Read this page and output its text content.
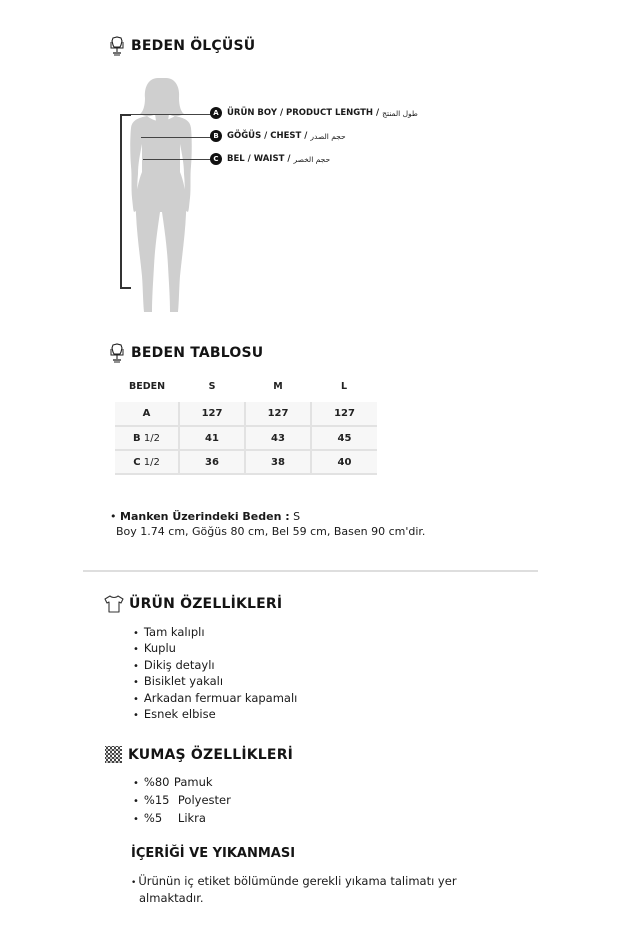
BEDEN ÖLÇÜSÜ
A ÜRÜN BOY / PRODUCT LENGTH / طول المنتج
B GÖĞÜS / CHEST / حجم الصدر
C BEL / WAIST / حجم الخصر
BEDEN TABLOSU
BEDEN	S	M	L

A	127	127	127
B 1/2	41	43	45
C 1/2	36	38	40
• Manken Üzerindeki Beden : S
Boy 1.74 cm, Göğüs 80 cm, Bel 59 cm, Basen 90 cm'dir.
ÜRÜN ÖZELLİKLERİ
• Tam kalıplı
• Kuplu
• Dikiş detaylı
• Bisiklet yakalı
• Arkadan fermuar kapamalı
• Esnek elbise
KUMAŞ ÖZELLİKLERİ
• %80 Pamuk
• %15 Polyester
• %5 Likra
İÇERİĞİ VE YIKANMASI
• Ürünün iç etiket bölümünde gerekli yıkama talimatı yer almaktadır.
